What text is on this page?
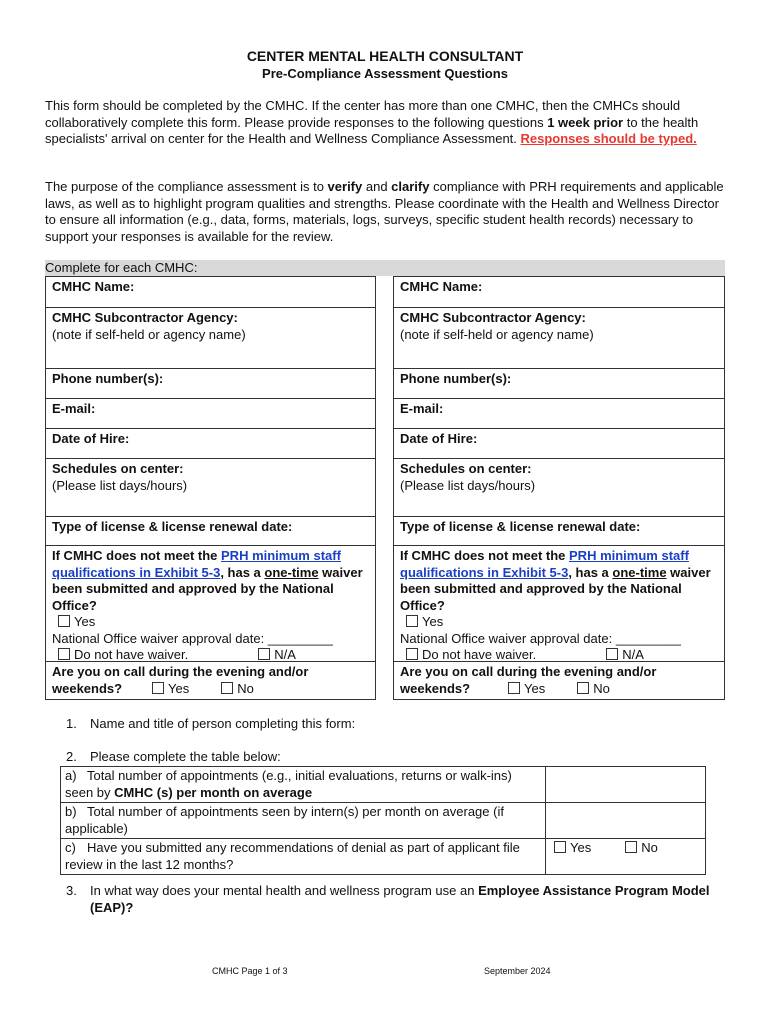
CENTER MENTAL HEALTH CONSULTANT
Pre-Compliance Assessment Questions
This form should be completed by the CMHC. If the center has more than one CMHC, then the CMHCs should collaboratively complete this form. Please provide responses to the following questions 1 week prior to the health specialists' arrival on center for the Health and Wellness Compliance Assessment. Responses should be typed.
The purpose of the compliance assessment is to verify and clarify compliance with PRH requirements and applicable laws, as well as to highlight program qualities and strengths. Please coordinate with the Health and Wellness Director to ensure all information (e.g., data, forms, materials, logs, surveys, specific student health records) necessary to support your responses is available for the review.
Complete for each CMHC:
CMHC Name:
CMHC Subcontractor Agency:
(note if self-held or agency name)
Phone number(s):
E-mail:
Date of Hire:
Schedules on center:
(Please list days/hours)
Type of license & license renewal date:
If CMHC does not meet the PRH minimum staff qualifications in Exhibit 5-3, has a one-time waiver been submitted and approved by the National Office?
Yes
National Office waiver approval date: _________
Do not have waiver.	N/A
Are you on call during the evening and/or weekends?	Yes	No
CMHC Name:
CMHC Subcontractor Agency:
(note if self-held or agency name)
Phone number(s):
E-mail:
Date of Hire:
Schedules on center:
(Please list days/hours)
Type of license & license renewal date:
If CMHC does not meet the PRH minimum staff qualifications in Exhibit 5-3, has a one-time waiver been submitted and approved by the National Office?
Yes
National Office waiver approval date: _________
Do not have waiver.	N/A
Are you on call during the evening and/or weekends?	Yes	No
1. Name and title of person completing this form:
2. Please complete the table below:
a) Total number of appointments (e.g., initial evaluations, returns or walk-ins) seen by CMHC (s) per month on average	
b) Total number of appointments seen by intern(s) per month on average (if applicable)	
c) Have you submitted any recommendations of denial as part of applicant file review in the last 12 months?	Yes No
3. In what way does your mental health and wellness program use an Employee Assistance Program Model (EAP)?
CMHC Page 1 of 3	September 2024
